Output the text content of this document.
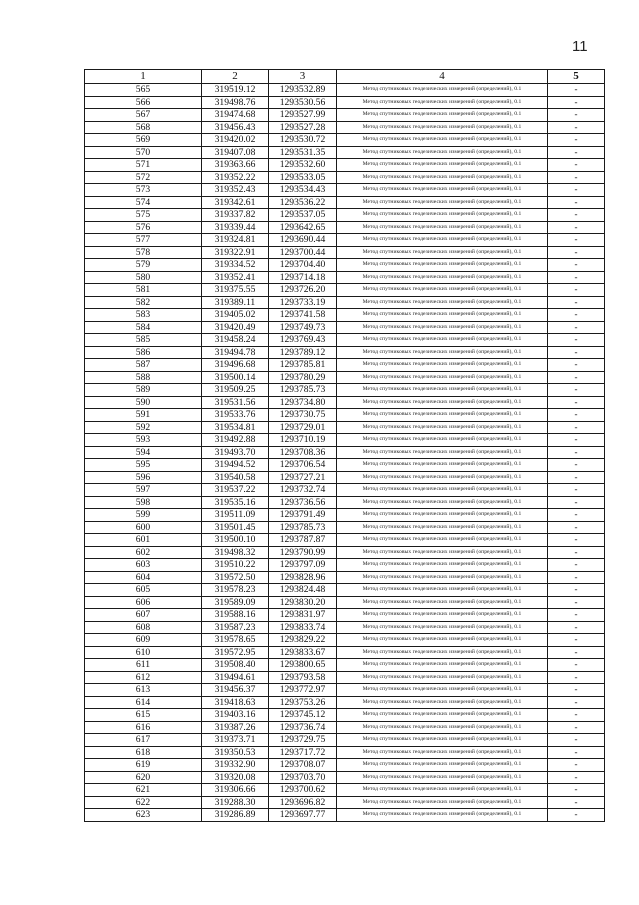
11
1	2	3	4	5
565	319519.12	1293532.89	Метод спутниковых геодезических измерений (определений), 0.1	-
566	319498.76	1293530.56	Метод спутниковых геодезических измерений (определений), 0.1	-
567	319474.68	1293527.99	Метод спутниковых геодезических измерений (определений), 0.1	-
568	319456.43	1293527.28	Метод спутниковых геодезических измерений (определений), 0.1	-
569	319420.02	1293530.72	Метод спутниковых геодезических измерений (определений), 0.1	-
570	319407.08	1293531.35	Метод спутниковых геодезических измерений (определений), 0.1	-
571	319363.66	1293532.60	Метод спутниковых геодезических измерений (определений), 0.1	-
572	319352.22	1293533.05	Метод спутниковых геодезических измерений (определений), 0.1	-
573	319352.43	1293534.43	Метод спутниковых геодезических измерений (определений), 0.1	-
574	319342.61	1293536.22	Метод спутниковых геодезических измерений (определений), 0.1	-
575	319337.82	1293537.05	Метод спутниковых геодезических измерений (определений), 0.1	-
576	319339.44	1293642.65	Метод спутниковых геодезических измерений (определений), 0.1	-
577	319324.81	1293690.44	Метод спутниковых геодезических измерений (определений), 0.1	-
578	319322.91	1293700.44	Метод спутниковых геодезических измерений (определений), 0.1	-
579	319334.52	1293704.40	Метод спутниковых геодезических измерений (определений), 0.1	-
580	319352.41	1293714.18	Метод спутниковых геодезических измерений (определений), 0.1	-
581	319375.55	1293726.20	Метод спутниковых геодезических измерений (определений), 0.1	-
582	319389.11	1293733.19	Метод спутниковых геодезических измерений (определений), 0.1	-
583	319405.02	1293741.58	Метод спутниковых геодезических измерений (определений), 0.1	-
584	319420.49	1293749.73	Метод спутниковых геодезических измерений (определений), 0.1	-
585	319458.24	1293769.43	Метод спутниковых геодезических измерений (определений), 0.1	-
586	319494.78	1293789.12	Метод спутниковых геодезических измерений (определений), 0.1	-
587	319496.68	1293785.81	Метод спутниковых геодезических измерений (определений), 0.1	-
588	319500.14	1293780.29	Метод спутниковых геодезических измерений (определений), 0.1	-
589	319509.25	1293785.73	Метод спутниковых геодезических измерений (определений), 0.1	-
590	319531.56	1293734.80	Метод спутниковых геодезических измерений (определений), 0.1	-
591	319533.76	1293730.75	Метод спутниковых геодезических измерений (определений), 0.1	-
592	319534.81	1293729.01	Метод спутниковых геодезических измерений (определений), 0.1	-
593	319492.88	1293710.19	Метод спутниковых геодезических измерений (определений), 0.1	-
594	319493.70	1293708.36	Метод спутниковых геодезических измерений (определений), 0.1	-
595	319494.52	1293706.54	Метод спутниковых геодезических измерений (определений), 0.1	-
596	319540.58	1293727.21	Метод спутниковых геодезических измерений (определений), 0.1	-
597	319537.22	1293732.74	Метод спутниковых геодезических измерений (определений), 0.1	-
598	319535.16	1293736.56	Метод спутниковых геодезических измерений (определений), 0.1	-
599	319511.09	1293791.49	Метод спутниковых геодезических измерений (определений), 0.1	-
600	319501.45	1293785.73	Метод спутниковых геодезических измерений (определений), 0.1	-
601	319500.10	1293787.87	Метод спутниковых геодезических измерений (определений), 0.1	-
602	319498.32	1293790.99	Метод спутниковых геодезических измерений (определений), 0.1	-
603	319510.22	1293797.09	Метод спутниковых геодезических измерений (определений), 0.1	-
604	319572.50	1293828.96	Метод спутниковых геодезических измерений (определений), 0.1	-
605	319578.23	1293824.48	Метод спутниковых геодезических измерений (определений), 0.1	-
606	319589.09	1293830.20	Метод спутниковых геодезических измерений (определений), 0.1	-
607	319588.16	1293831.97	Метод спутниковых геодезических измерений (определений), 0.1	-
608	319587.23	1293833.74	Метод спутниковых геодезических измерений (определений), 0.1	-
609	319578.65	1293829.22	Метод спутниковых геодезических измерений (определений), 0.1	-
610	319572.95	1293833.67	Метод спутниковых геодезических измерений (определений), 0.1	-
611	319508.40	1293800.65	Метод спутниковых геодезических измерений (определений), 0.1	-
612	319494.61	1293793.58	Метод спутниковых геодезических измерений (определений), 0.1	-
613	319456.37	1293772.97	Метод спутниковых геодезических измерений (определений), 0.1	-
614	319418.63	1293753.26	Метод спутниковых геодезических измерений (определений), 0.1	-
615	319403.16	1293745.12	Метод спутниковых геодезических измерений (определений), 0.1	-
616	319387.26	1293736.74	Метод спутниковых геодезических измерений (определений), 0.1	-
617	319373.71	1293729.75	Метод спутниковых геодезических измерений (определений), 0.1	-
618	319350.53	1293717.72	Метод спутниковых геодезических измерений (определений), 0.1	-
619	319332.90	1293708.07	Метод спутниковых геодезических измерений (определений), 0.1	-
620	319320.08	1293703.70	Метод спутниковых геодезических измерений (определений), 0.1	-
621	319306.66	1293700.62	Метод спутниковых геодезических измерений (определений), 0.1	-
622	319288.30	1293696.82	Метод спутниковых геодезических измерений (определений), 0.1	-
623	319286.89	1293697.77	Метод спутниковых геодезических измерений (определений), 0.1	-
